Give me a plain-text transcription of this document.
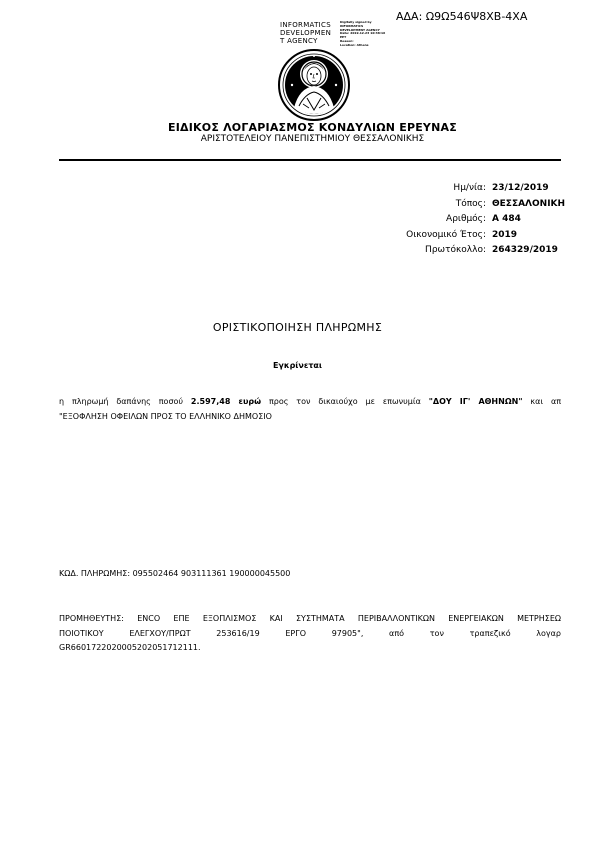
ΑΔΑ: Ω9Ω546Ψ8ΧΒ-4ΧΑ
INFORMATICS
DEVELOPMEN
T AGENCY
Digitally signed by
INFORMATICS
DEVELOPMENT AGENCY
Date: 2019.12.23 10:38:16
EET
Reason:
Location: Athens
ΕΙΔΙΚΟΣ ΛΟΓΑΡΙΑΣΜΟΣ ΚΟΝΔΥΛΙΩΝ ΕΡΕΥΝΑΣ
ΑΡΙΣΤΟΤΕΛΕΙΟΥ ΠΑΝΕΠΙΣΤΗΜΙΟΥ ΘΕΣΣΑΛΟΝΙΚΗΣ
Ημ/νία: 23/12/2019
Τόπος: ΘΕΣΣΑΛΟΝΙΚΗ
Αριθμός: Α 484
Οικονομικό Έτος: 2019
Πρωτόκολλο: 264329/2019
ΟΡΙΣΤΙΚΟΠΟΙΗΣΗ ΠΛΗΡΩΜΗΣ
Εγκρίνεται
η πληρωμή δαπάνης ποσού 2.597,48 ευρώ προς τον δικαιούχο με επωνυμία "ΔΟΥ ΙΓ' ΑΘΗΝΩΝ" και απ
"ΕΞΟΦΛΗΣΗ ΟΦΕΙΛΩΝ ΠΡΟΣ ΤΟ ΕΛΛΗΝΙΚΟ ΔΗΜΟΣΙΟ
ΚΩΔ. ΠΛΗΡΩΜΗΣ: 095502464 903111361 190000045500
ΠΡΟΜΗΘΕΥΤΗΣ: ENCO ΕΠΕ ΕΞΟΠΛΙΣΜΟΣ ΚΑΙ ΣΥΣΤΗΜΑΤΑ ΠΕΡΙΒΑΛΛΟΝΤΙΚΩΝ ΕΝΕΡΓΕΙΑΚΩΝ ΜΕΤΡΗΣΕΩ
ΠΟΙΟΤΙΚΟΥ ΕΛΕΓΧΟΥ/ΠΡΩΤ 253616/19 ΕΡΓΟ 97905", από τον τραπεζικό λογαρ
GR6601722020005202051712111.
